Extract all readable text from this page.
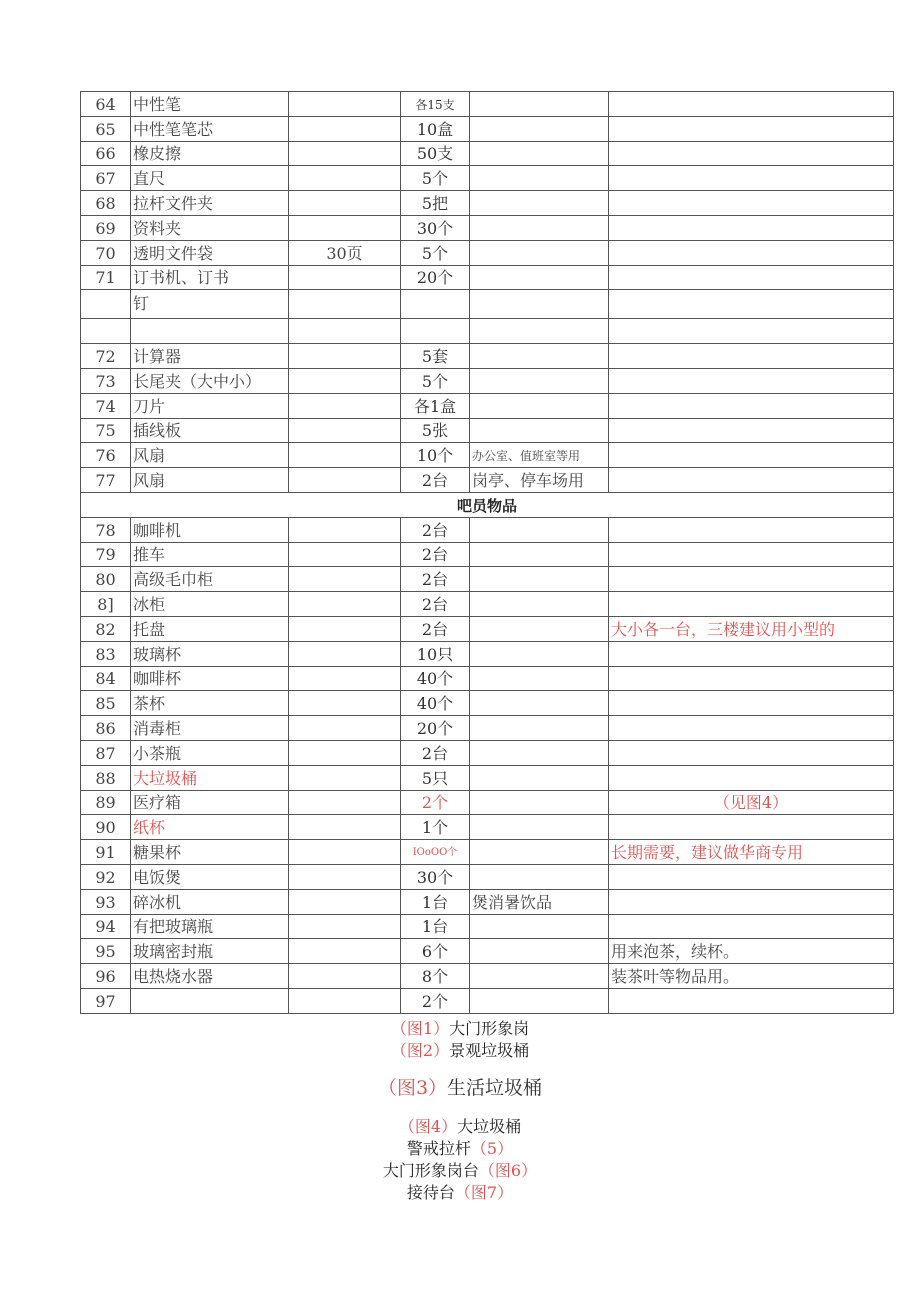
64	中性笔		各15支		
65	中性笔笔芯		10盒		
66	橡皮擦		50支		
67	直尺		5个		
68	拉杆文件夹		5把		
69	资料夹		30个		
70	透明文件袋	30页	5个		
71	订书机、订书		20个		
	钉				

72	计算器		5套		
73	长尾夹（大中小）		5个		
74	刀片		各1盒		
75	插线板		5张		
76	风扇		10个	办公室、值班室等用	
77	风扇		2台	岗亭、停车场用	
吧员物品					
78	咖啡机		2台		
79	推车		2台		
80	高级毛巾柜		2台		
8]	冰柜		2台		
82	托盘		2台		大小各一台，三楼建议用小型的
83	玻璃杯		10只		
84	咖啡杯		40个		
85	茶杯		40个		
86	消毒柜		20个		
87	小茶瓶		2台		
88	大垃圾桶		5只		
89	医疗箱		2个		（见图4）
90	纸杯		1个		
91	糖果杯		IOoOO个		长期需要，建议做华商专用
92	电饭煲		30个		
93	碎冰机		1台	煲消暑饮品	
94	有把玻璃瓶		1台		
95	玻璃密封瓶		6个		用来泡茶，续杯。
96	电热烧水器		8个		装茶叶等物品用。
97			2个		
（图1）大门形象岗
（图2）景观垃圾桶
（图3）生活垃圾桶
（图4）大垃圾桶
警戒拉杆（5）
大门形象岗台（图6）
接待台（图7）
